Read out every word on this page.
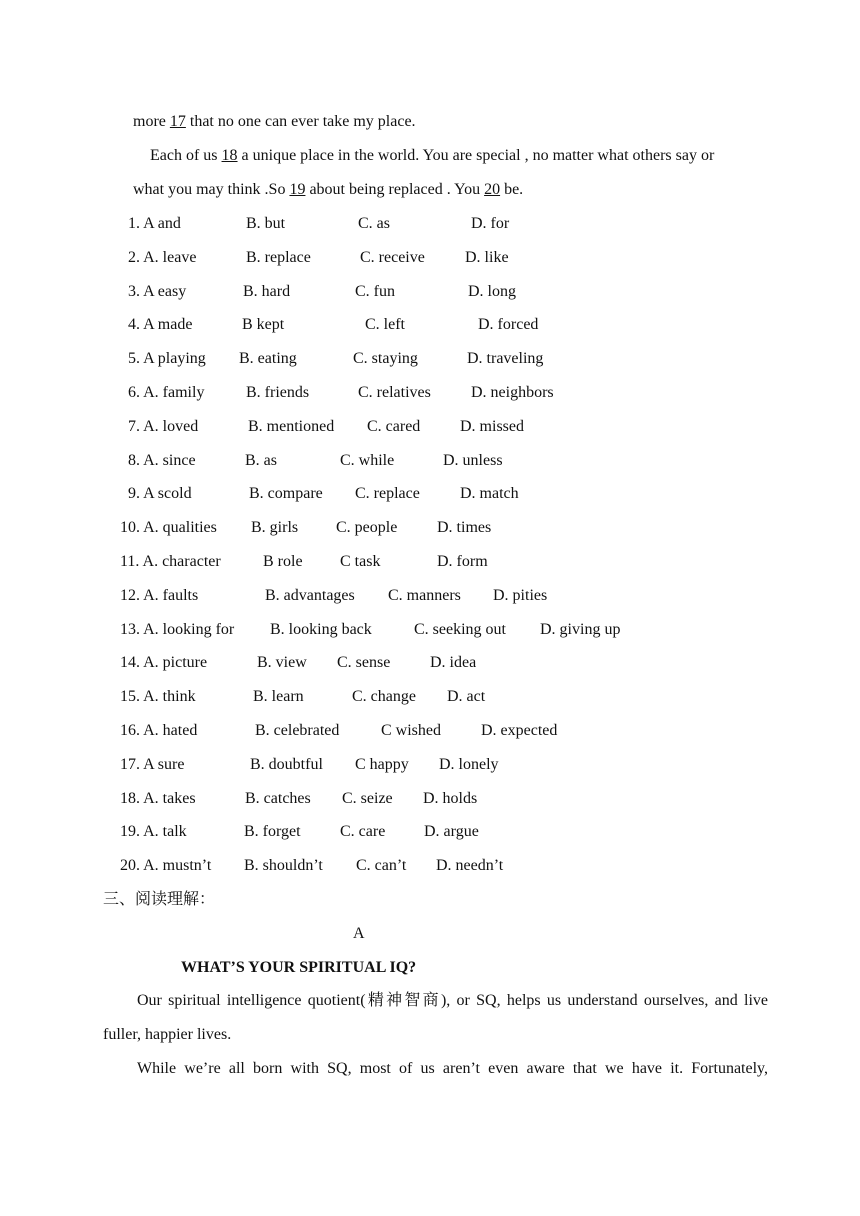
more 17 that no one can ever take my place.
Each of us 18 a unique place in the world. You are special , no matter what others say or
what you may think .So 19 about being replaced . You 20 be.
1. A and	B. but	C. as	D. for
2. A. leave	B. replace	C. receive	D. like
3. A easy	B. hard	C. fun	D. long
4. A made	B kept	C. left	D. forced
5. A playing B. eating	C. staying	D. traveling
6. A. family	B. friends	C. relatives	D. neighbors
7. A. loved	B. mentioned C. cared D. missed
8. A. since	B. as	C. while	D. unless
9. A scold	B. compare C. replace	D. match
10. A. qualities B. girls C. people D. times
11. A. character	B role C task	D. form
12. A. faults	B. advantages C. manners D. pities
13. A. looking for B. looking back	C. seeking out D. giving up
14. A. picture	B. view C. sense D. idea
15. A. think	B. learn	C. change D. act
16. A. hated	B. celebrated	C wished	D. expected
17. A sure	B. doubtful C happy D. lonely
18. A. takes	B. catches C. seize D. holds
19. A. talk	B. forget C. care D. argue
20. A. mustn’t B. shouldn’t C. can’t D. needn’t
三、阅读理解：
A
WHAT’S YOUR SPIRITUAL IQ?
Our spiritual intelligence quotient(精神智商), or SQ, helps us understand ourselves, and live fuller, happier lives.
While we’re all born with SQ, most of us aren’t even aware that we have it. Fortunately,
